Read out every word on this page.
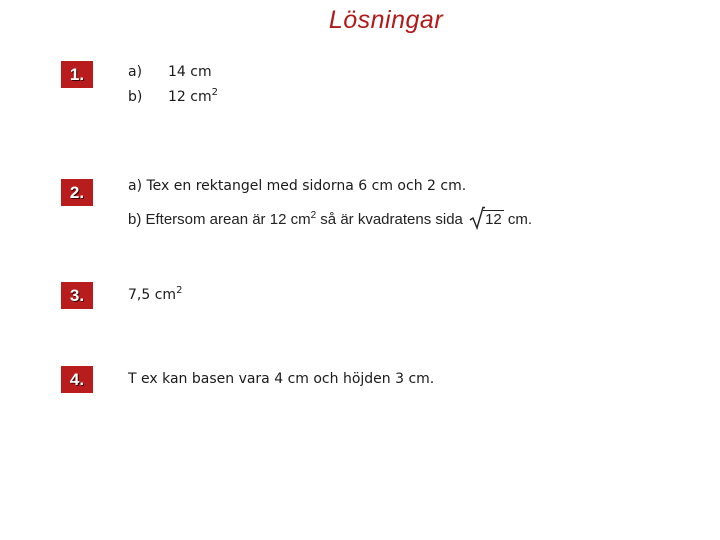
Lösningar
1.	a) 14 cm
b) 12 $cm^2$
2.	a) Tex en rektangel med sidorna 6 cm och 2 cm.
b) Eftersom arean är 12 $cm^2$ så är kvadratens sida
12 cm.
3.	7,5 $cm^2$
4.	T ex kan basen vara 4 cm och höjden 3 cm.
